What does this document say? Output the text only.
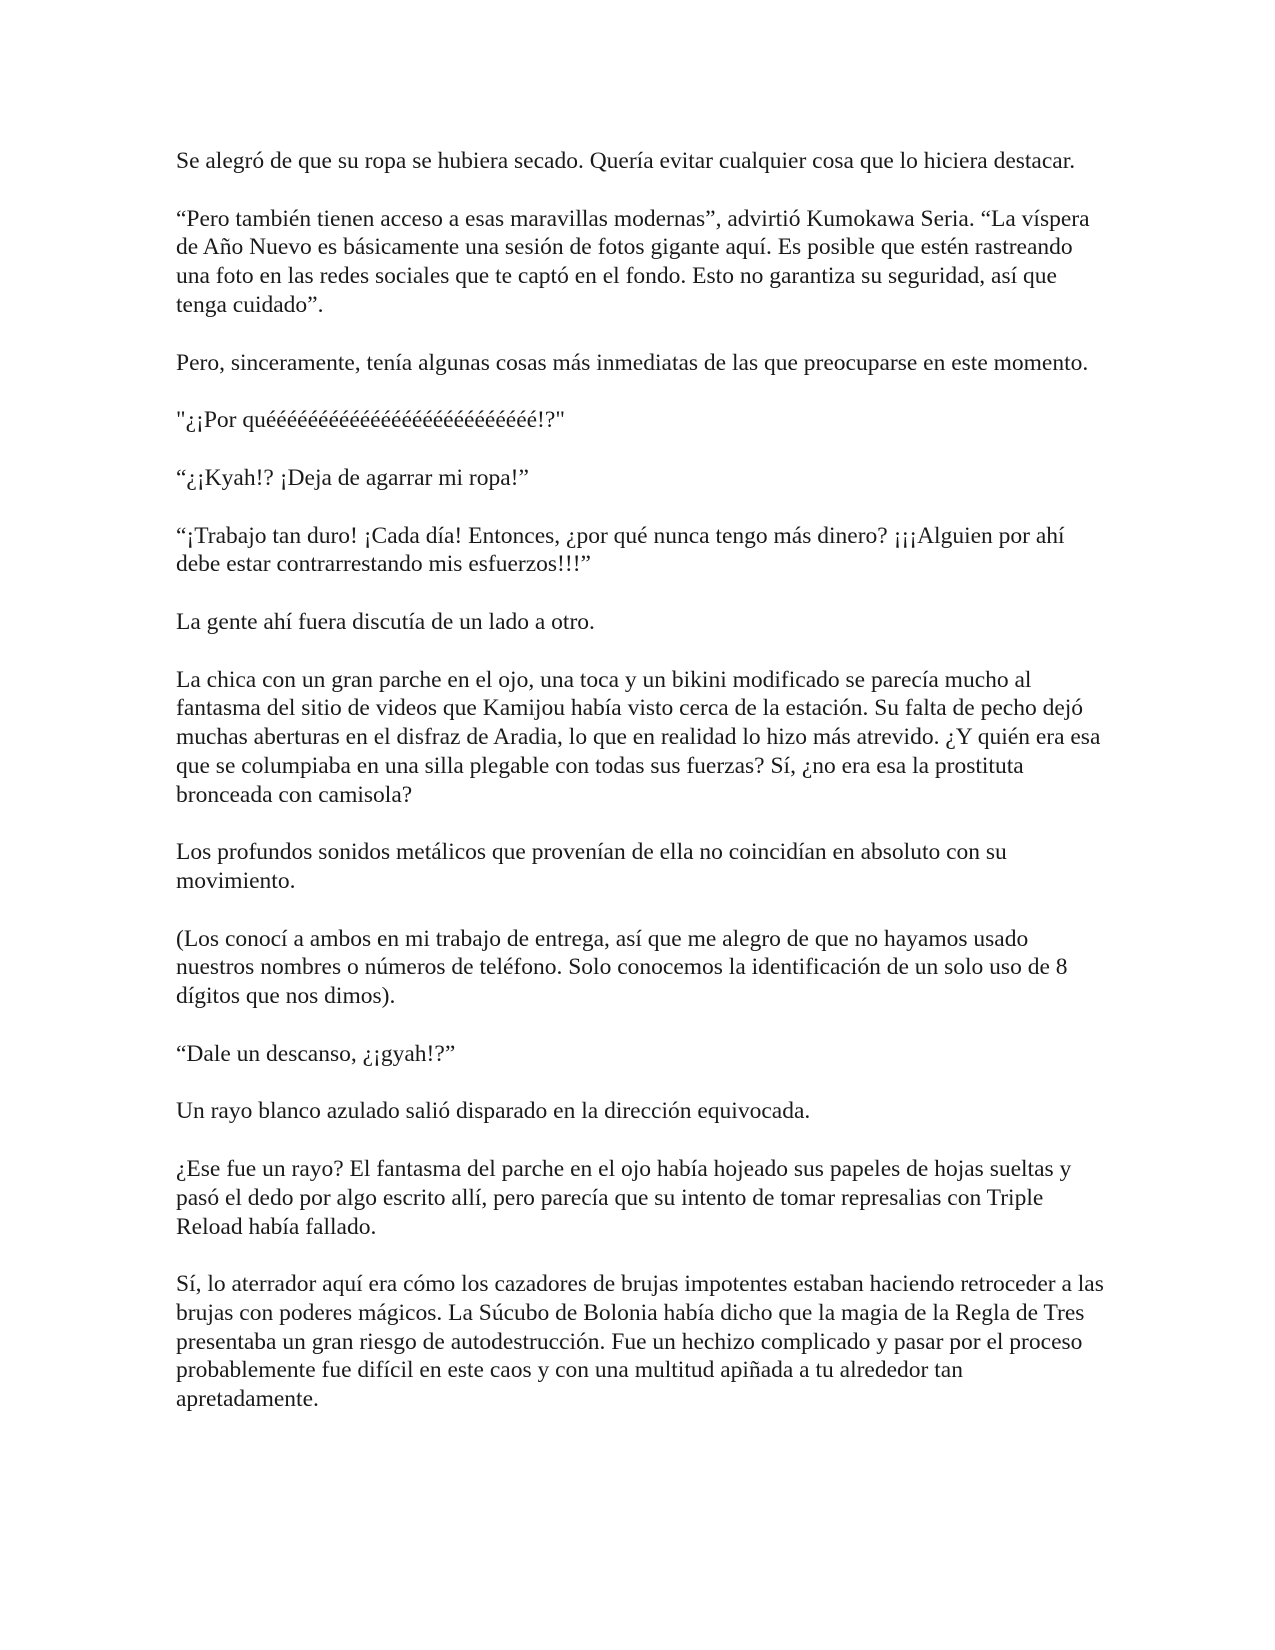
Se alegró de que su ropa se hubiera secado. Quería evitar cualquier cosa que lo hiciera destacar.

“Pero también tienen acceso a esas maravillas modernas”, advirtió Kumokawa Seria. “La víspera de Año Nuevo es básicamente una sesión de fotos gigante aquí. Es posible que estén rastreando una foto en las redes sociales que te captó en el fondo. Esto no garantiza su seguridad, así que tenga cuidado”.

Pero, sinceramente, tenía algunas cosas más inmediatas de las que preocuparse en este momento.

"¿¡Por quéééééééééééééééééééééééééé!?"

“¿¡Kyah!? ¡Deja de agarrar mi ropa!”

“¡Trabajo tan duro! ¡Cada día! Entonces, ¿por qué nunca tengo más dinero? ¡¡¡Alguien por ahí debe estar contrarrestando mis esfuerzos!!!”

La gente ahí fuera discutía de un lado a otro.

La chica con un gran parche en el ojo, una toca y un bikini modificado se parecía mucho al fantasma del sitio de videos que Kamijou había visto cerca de la estación. Su falta de pecho dejó muchas aberturas en el disfraz de Aradia, lo que en realidad lo hizo más atrevido. ¿Y quién era esa que se columpiaba en una silla plegable con todas sus fuerzas? Sí, ¿no era esa la prostituta bronceada con camisola?

Los profundos sonidos metálicos que provenían de ella no coincidían en absoluto con su movimiento.

(Los conocí a ambos en mi trabajo de entrega, así que me alegro de que no hayamos usado nuestros nombres o números de teléfono. Solo conocemos la identificación de un solo uso de 8 dígitos que nos dimos).

“Dale un descanso, ¿¡gyah!?”

Un rayo blanco azulado salió disparado en la dirección equivocada.

¿Ese fue un rayo? El fantasma del parche en el ojo había hojeado sus papeles de hojas sueltas y pasó el dedo por algo escrito allí, pero parecía que su intento de tomar represalias con Triple Reload había fallado.

Sí, lo aterrador aquí era cómo los cazadores de brujas impotentes estaban haciendo retroceder a las brujas con poderes mágicos. La Súcubo de Bolonia había dicho que la magia de la Regla de Tres presentaba un gran riesgo de autodestrucción. Fue un hechizo complicado y pasar por el proceso probablemente fue difícil en este caos y con una multitud apiñada a tu alrededor tan apretadamente.
